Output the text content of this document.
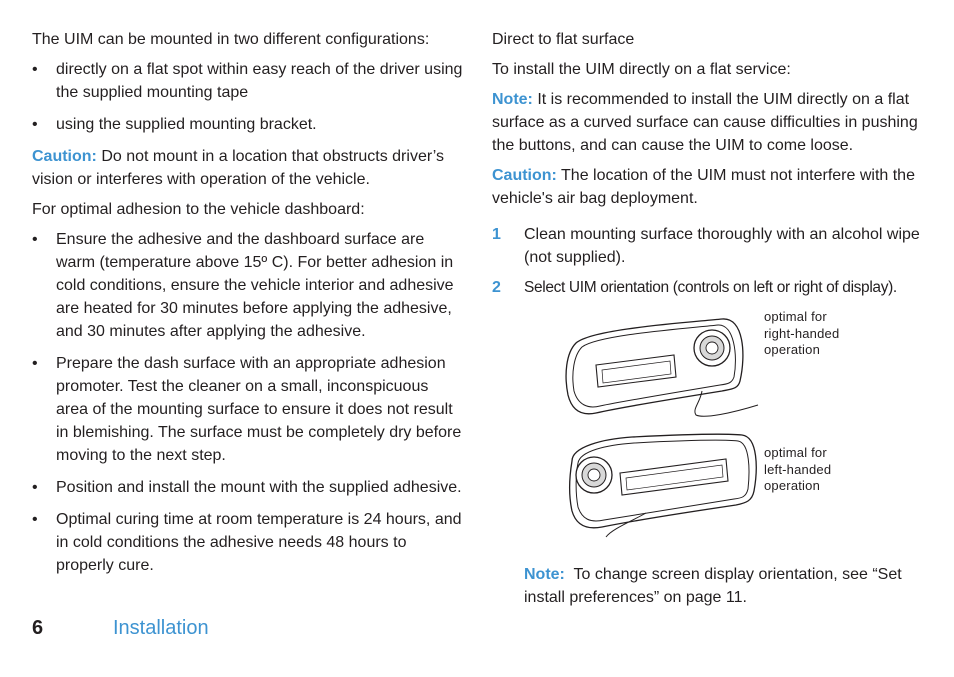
The UIM can be mounted in two different configurations:

• directly on a flat spot within easy reach of the driver using the supplied mounting tape
• using the supplied mounting bracket.

Caution: Do not mount in a location that obstructs driver’s vision or interferes with operation of the vehicle.

For optimal adhesion to the vehicle dashboard:

• Ensure the adhesive and the dashboard surface are warm (temperature above 15º C). For better adhesion in cold conditions, ensure the vehicle interior and adhesive are heated for 30 minutes before applying the adhesive, and 30 minutes after applying the adhesive.
• Prepare the dash surface with an appropriate adhesion promoter. Test the cleaner on a small, inconspicuous area of the mounting surface to ensure it does not result in blemishing. The surface must be completely dry before moving to the next step.
• Position and install the mount with the supplied adhesive.
• Optimal curing time at room temperature is 24 hours, and in cold conditions the adhesive needs 48 hours to properly cure.

Direct to flat surface

To install the UIM directly on a flat service:

Note: It is recommended to install the UIM directly on a flat surface as a curved surface can cause difficulties in pushing the buttons, and can cause the UIM to come loose.

Caution: The location of the UIM must not interfere with the vehicle's air bag deployment.

1 Clean mounting surface thoroughly with an alcohol wipe (not supplied).
2 Select UIM orientation (controls on left or right of display).
optimal for
right-handed
operation
optimal for
left-handed
operation

Note: To change screen display orientation, see “Set install preferences” on page 11.

6	Installation
